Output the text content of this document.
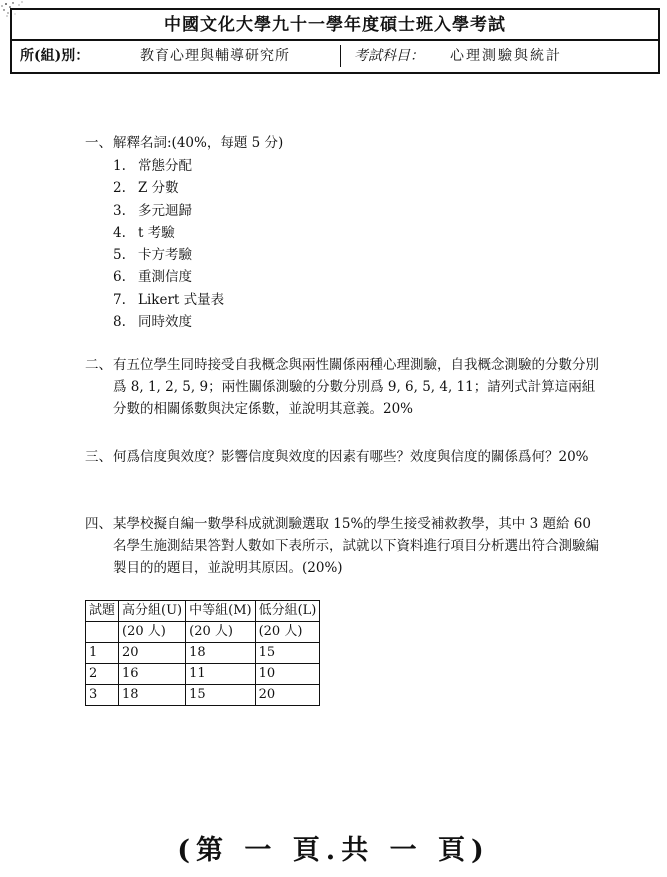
中國文化大學九十一學年度碩士班入學考試
所(組)別：	教育心理與輔導研究所	考試科目： 心理測驗與統計
一、 解釋名詞:(40%，每題 5 分)
1. 常態分配
2. Z 分數
3. 多元迴歸
4. t 考驗
5. 卡方考驗
6. 重測信度
7. Likert 式量表
8. 同時效度
二、 有五位學生同時接受自我概念與兩性關係兩種心理測驗，自我概念測驗的分數分別爲 8, 1, 2, 5, 9；兩性關係測驗的分數分別爲 9, 6, 5, 4, 11；請列式計算這兩組分數的相關係數與決定係數，並說明其意義。20%
三、 何爲信度與效度？影響信度與效度的因素有哪些？效度與信度的關係爲何？20%
四、 某學校擬自編一數學科成就測驗選取 15%的學生接受補救教學，其中 3 題給 60 名學生施測結果答對人數如下表所示，試就以下資料進行項目分析選出符合測驗編製目的的題目，並說明其原因。(20%)
試題	高分組(U)	中等組(M)	低分組(L)
	(20 人)	(20 人)	(20 人)
1	20	18	15
2	16	11	10
3	18	15	20
(第 一 頁.共 一 頁)
